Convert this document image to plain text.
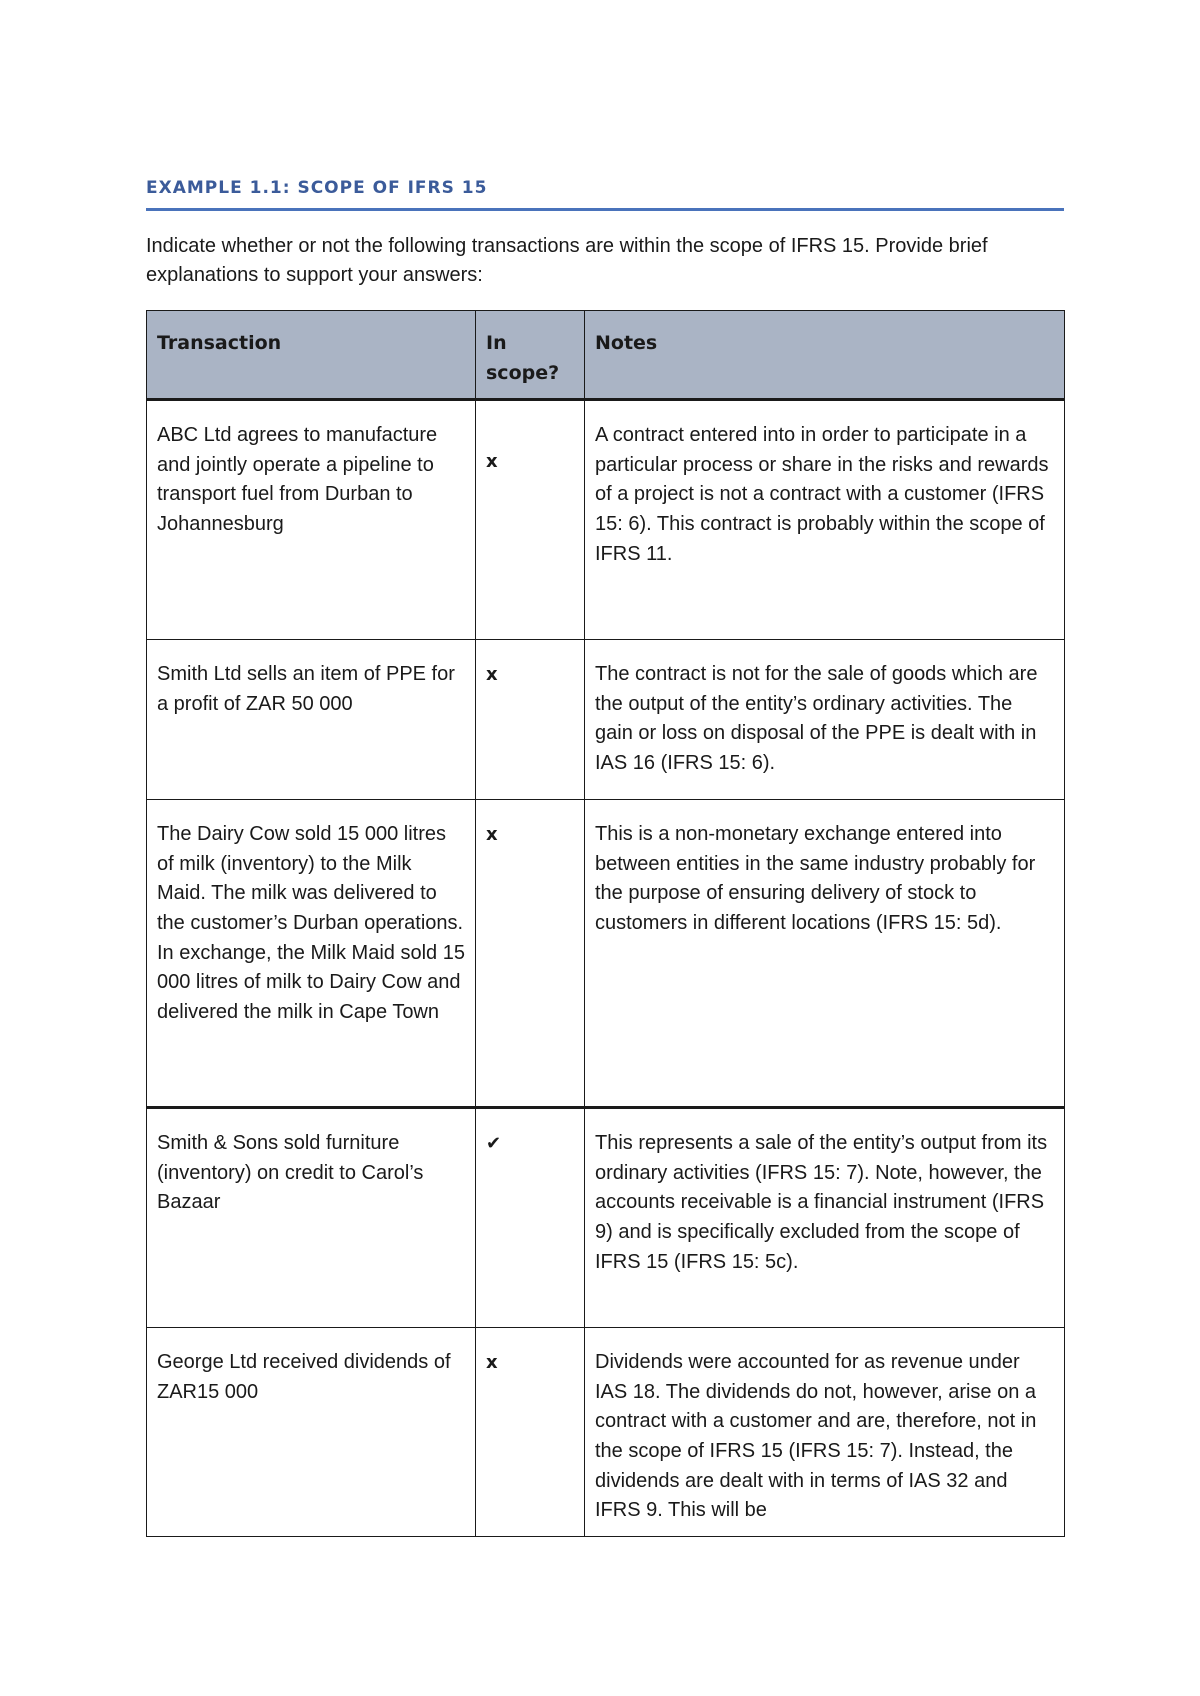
EXAMPLE 1.1: SCOPE OF IFRS 15
Indicate whether or not the following transactions are within the scope of IFRS 15. Provide brief explanations to support your answers:
Transaction	In scope?	Notes
ABC Ltd agrees to manufacture and jointly operate a pipeline to transport fuel from Durban to Johannesburg	x	A contract entered into in order to participate in a particular process or share in the risks and rewards of a project is not a contract with a customer (IFRS 15: 6). This contract is probably within the scope of IFRS 11.
Smith Ltd sells an item of PPE for a profit of ZAR 50 000	x	The contract is not for the sale of goods which are the output of the entity’s ordinary activities. The gain or loss on disposal of the PPE is dealt with in IAS 16 (IFRS 15: 6).
The Dairy Cow sold 15 000 litres of milk (inventory) to the Milk Maid. The milk was delivered to the customer’s Durban operations. In exchange, the Milk Maid sold 15 000 litres of milk to Dairy Cow and delivered the milk in Cape Town	x	This is a non-monetary exchange entered into between entities in the same industry probably for the purpose of ensuring delivery of stock to customers in different locations (IFRS 15: 5d).
Smith & Sons sold furniture (inventory) on credit to Carol’s Bazaar	✔	This represents a sale of the entity’s output from its ordinary activities (IFRS 15: 7). Note, however, the accounts receivable is a financial instrument (IFRS 9) and is specifically excluded from the scope of IFRS 15 (IFRS 15: 5c).
George Ltd received dividends of ZAR15 000	x	Dividends were accounted for as revenue under IAS 18. The dividends do not, however, arise on a contract with a customer and are, therefore, not in the scope of IFRS 15 (IFRS 15: 7). Instead, the dividends are dealt with in terms of IAS 32 and IFRS 9. This will be
